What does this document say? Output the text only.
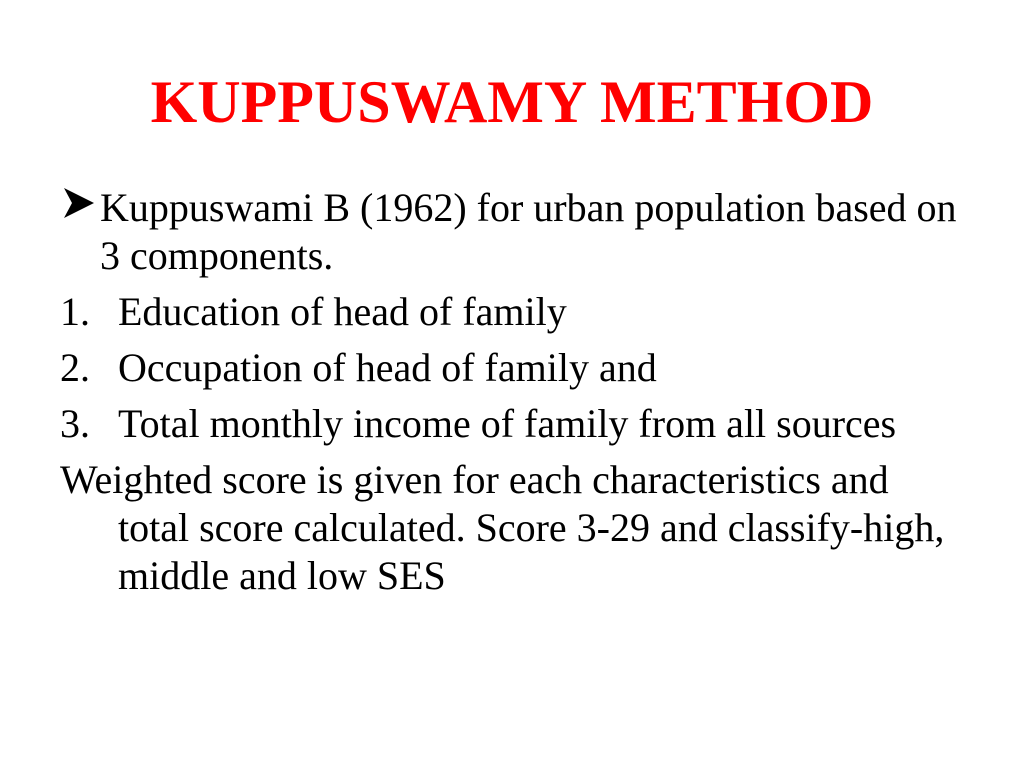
KUPPUSWAMY METHOD
Kuppuswami B (1962) for urban population based on 3 components.
1. Education of head of family
2. Occupation of head of family and
3. Total monthly income of family from all sources
Weighted score is given for each characteristics and total score calculated. Score 3-29 and classify-high, middle and low SES
